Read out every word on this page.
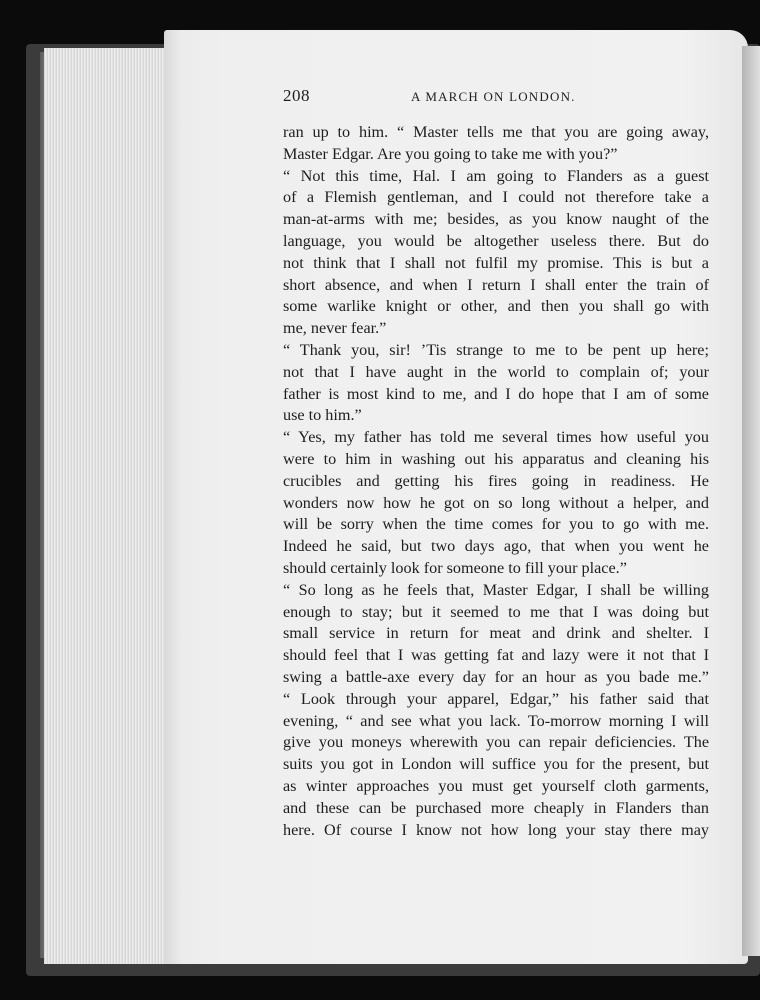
208	A MARCH ON LONDON.
ran up to him. “ Master tells me that you are going away,
Master Edgar. Are you going to take me with you?”
“ Not this time, Hal. I am going to Flanders as a guest
of a Flemish gentleman, and I could not therefore take a
man-at-arms with me; besides, as you know naught of the
language, you would be altogether useless there. But do
not think that I shall not fulfil my promise. This is but a
short absence, and when I return I shall enter the train of
some warlike knight or other, and then you shall go with
me, never fear.”
“ Thank you, sir! ’Tis strange to me to be pent up here;
not that I have aught in the world to complain of; your
father is most kind to me, and I do hope that I am of some
use to him.”
“ Yes, my father has told me several times how useful you
were to him in washing out his apparatus and cleaning his
crucibles and getting his fires going in readiness. He
wonders now how he got on so long without a helper, and
will be sorry when the time comes for you to go with me.
Indeed he said, but two days ago, that when you went he
should certainly look for someone to fill your place.”
“ So long as he feels that, Master Edgar, I shall be willing
enough to stay; but it seemed to me that I was doing but
small service in return for meat and drink and shelter. I
should feel that I was getting fat and lazy were it not that I
swing a battle-axe every day for an hour as you bade me.”
“ Look through your apparel, Edgar,” his father said that
evening, “ and see what you lack. To-morrow morning I will
give you moneys wherewith you can repair deficiencies. The
suits you got in London will suffice you for the present, but
as winter approaches you must get yourself cloth garments,
and these can be purchased more cheaply in Flanders than
here. Of course I know not how long your stay there may
